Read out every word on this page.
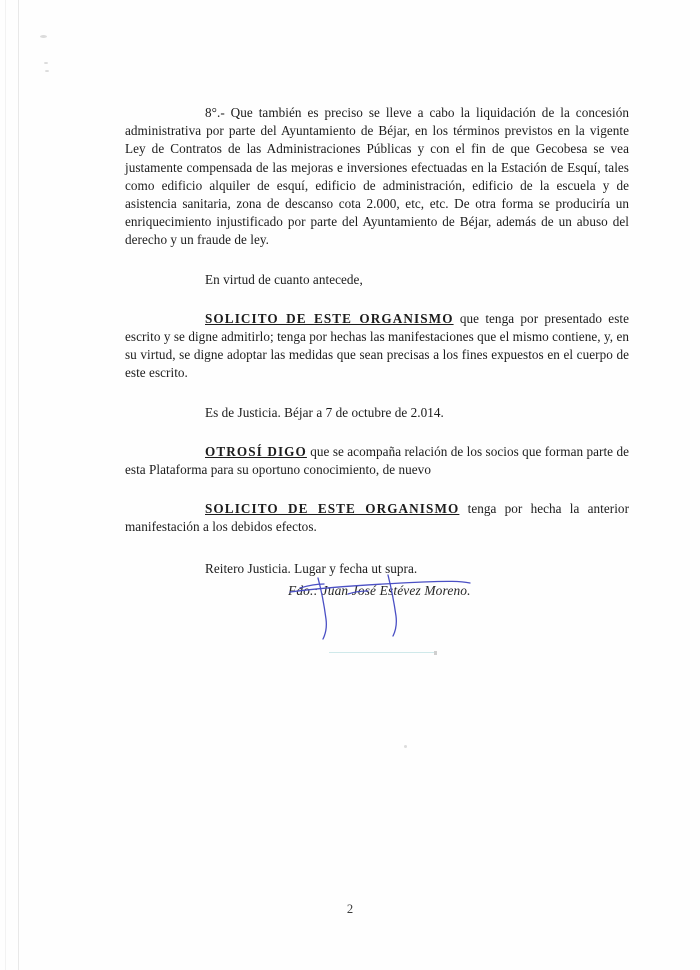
8°.- Que también es preciso se lleve a cabo la liquidación de la concesión administrativa por parte del Ayuntamiento de Béjar, en los términos previstos en la vigente Ley de Contratos de las Administraciones Públicas y con el fin de que Gecobesa se vea justamente compensada de las mejoras e inversiones efectuadas en la Estación de Esquí, tales como edificio alquiler de esquí, edificio de administración, edificio de la escuela y de asistencia sanitaria, zona de descanso cota 2.000, etc, etc. De otra forma se produciría un enriquecimiento injustificado por parte del Ayuntamiento de Béjar, además de un abuso del derecho y un fraude de ley.

En virtud de cuanto antecede,

SOLICITO DE ESTE ORGANISMO que tenga por presentado este escrito y se digne admitirlo; tenga por hechas las manifestaciones que el mismo contiene, y, en su virtud, se digne adoptar las medidas que sean precisas a los fines expuestos en el cuerpo de este escrito.

Es de Justicia. Béjar a 7 de octubre de 2.014.

OTROSÍ DIGO que se acompaña relación de los socios que forman parte de esta Plataforma para su oportuno conocimiento, de nuevo

SOLICITO DE ESTE ORGANISMO tenga por hecha la anterior manifestación a los debidos efectos.

Reitero Justicia. Lugar y fecha ut supra.

Fdo.: Juan José Estévez Moreno.
2
